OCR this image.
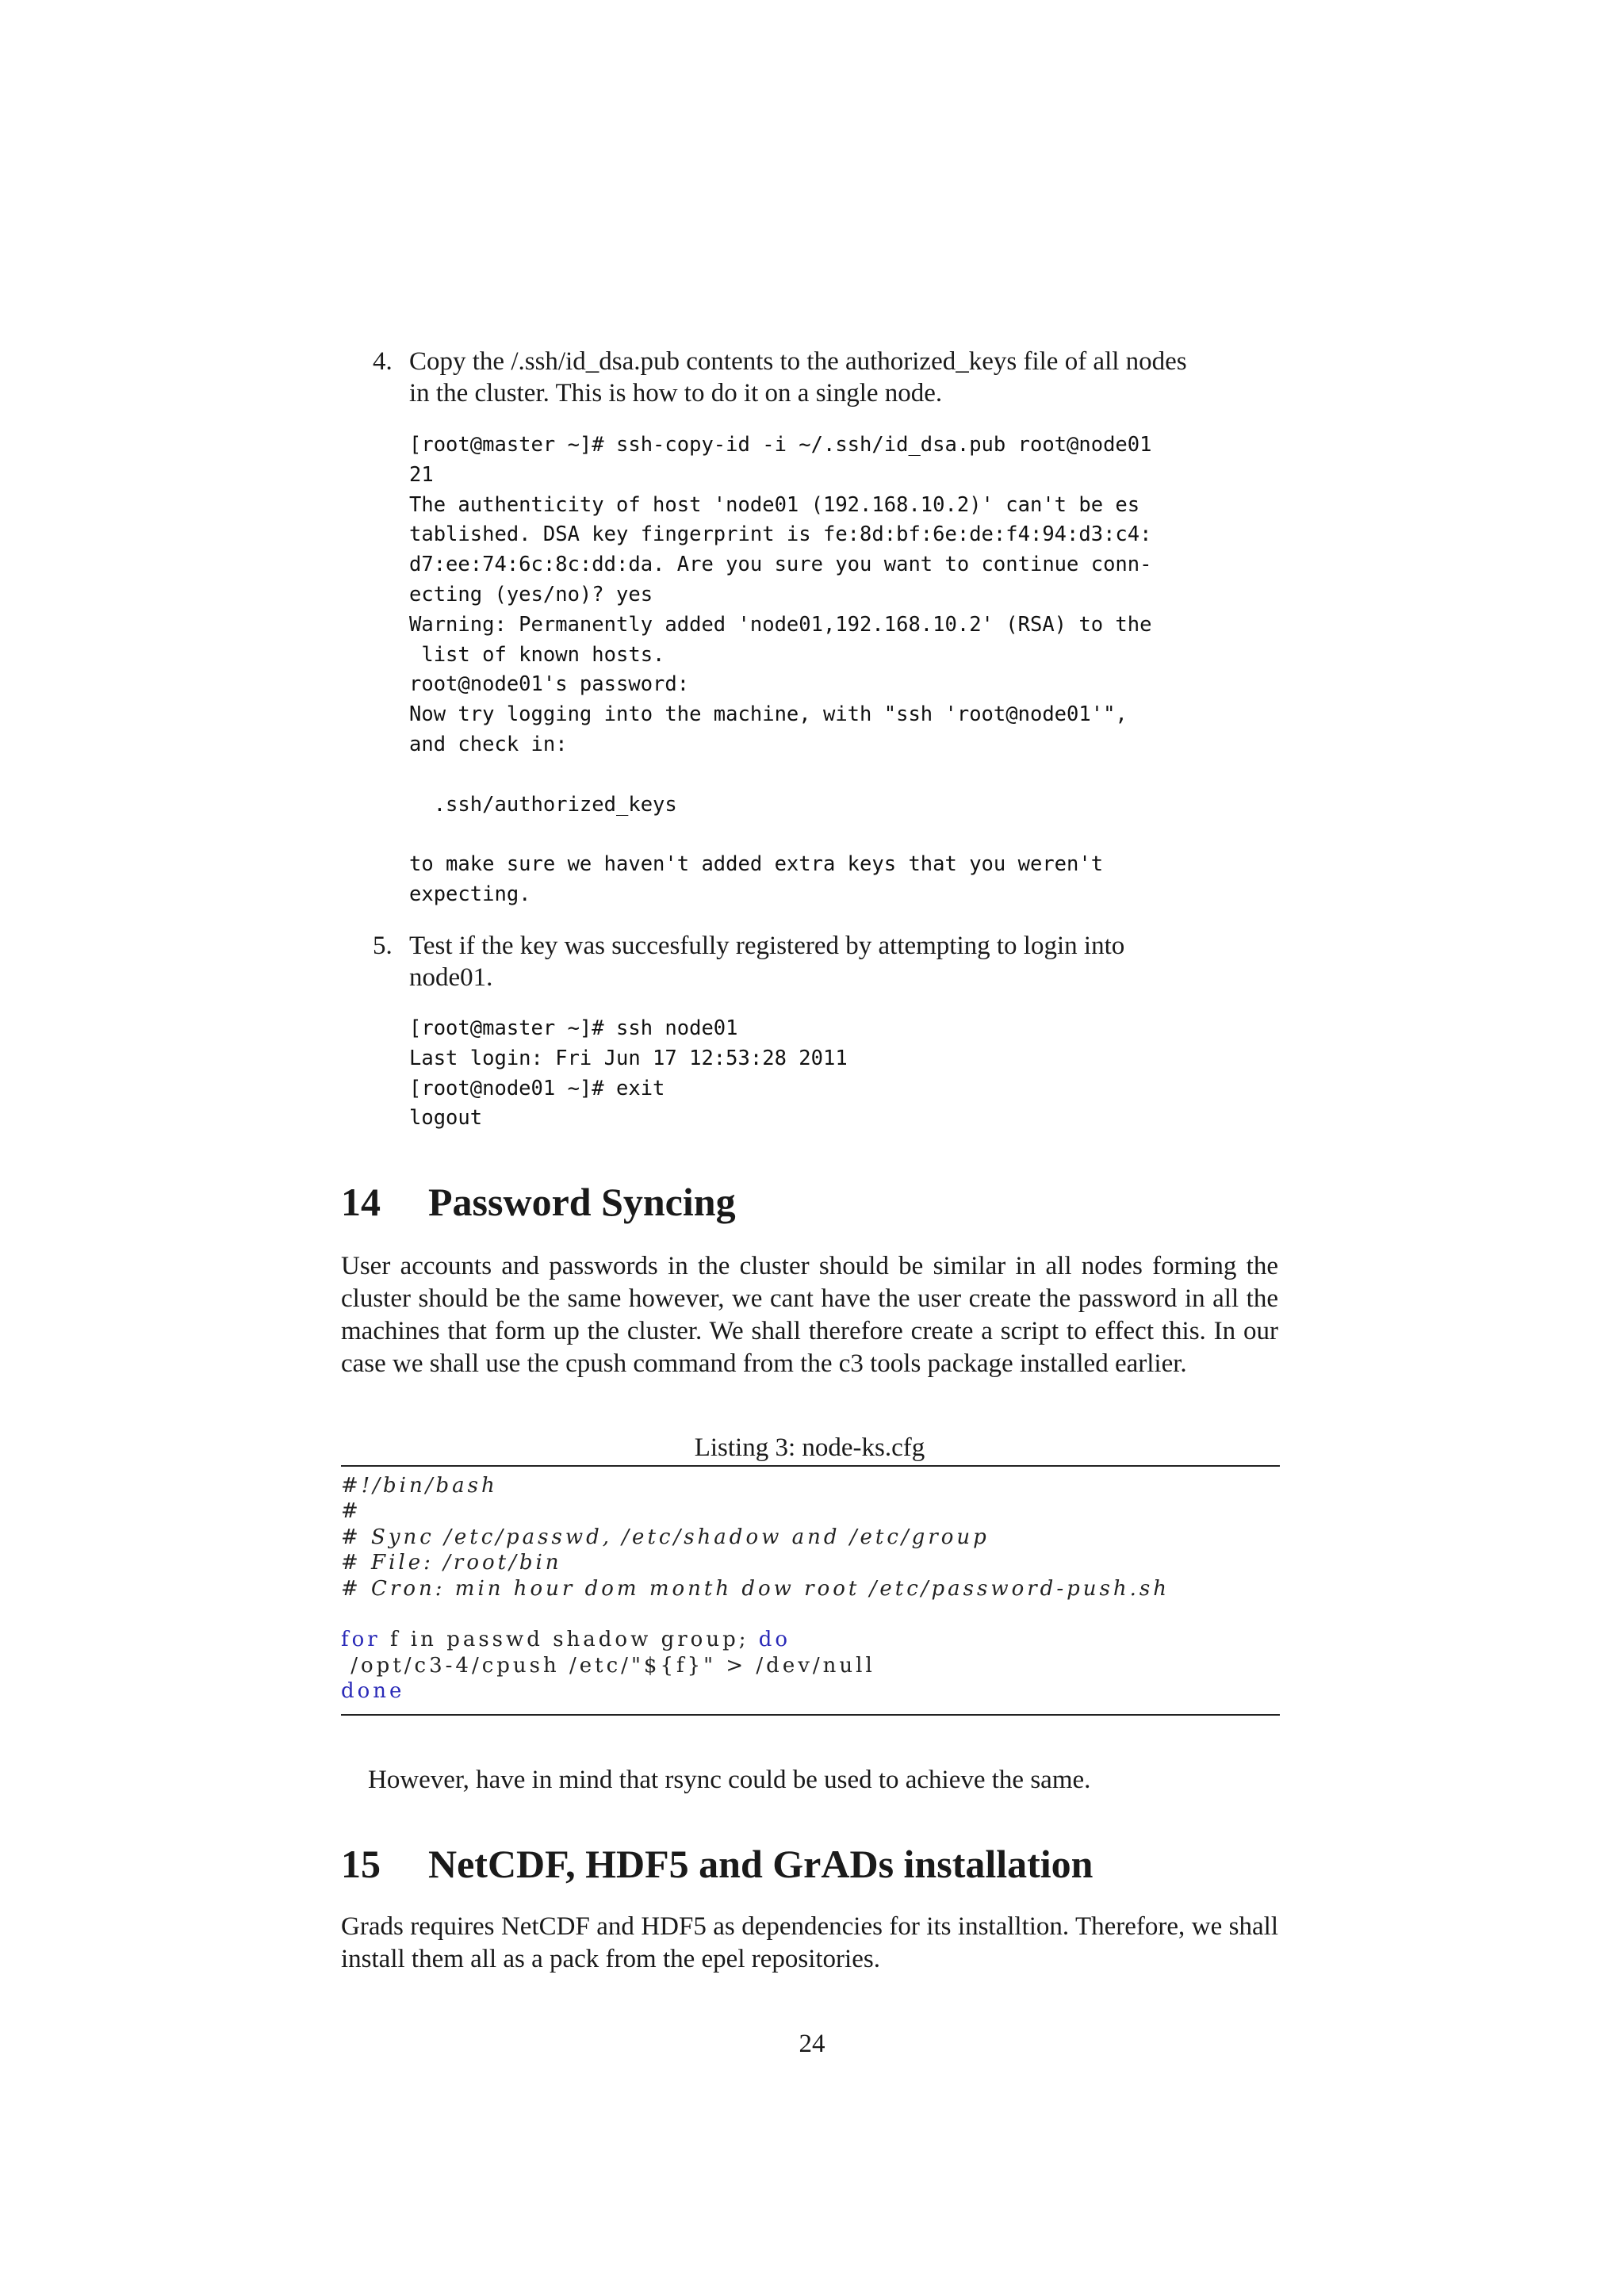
4. Copy the /.ssh/id_dsa.pub contents to the authorized_keys file of all nodes
in the cluster. This is how to do it on a single node.
[root@master ~]# ssh-copy-id -i ~/.ssh/id_dsa.pub root@node01
21
The authenticity of host 'node01 (192.168.10.2)' can't be es
tablished. DSA key fingerprint is fe:8d:bf:6e:de:f4:94:d3:c4:
d7:ee:74:6c:8c:dd:da. Are you sure you want to continue conn-
ecting (yes/no)? yes
Warning: Permanently added 'node01,192.168.10.2' (RSA) to the
list of known hosts.
root@node01's password:
Now try logging into the machine, with "ssh 'root@node01'",
and check in:

.ssh/authorized_keys

to make sure we haven't added extra keys that you weren't
expecting.
5. Test if the key was succesfully registered by attempting to login into
node01.
[root@master ~]# ssh node01
Last login: Fri Jun 17 12:53:28 2011
[root@node01 ~]# exit
logout
14 Password Syncing

User accounts and passwords in the cluster should be similar in all nodes forming the cluster should be the same however, we cant have the user create the password in all the machines that form up the cluster. We shall therefore create a script to effect this. In our case we shall use the cpush command from the c3 tools package installed earlier.

Listing 3: node-ks.cfg

#!/bin/bash
#
# Sync /etc/passwd, /etc/shadow and /etc/group
# File: /root/bin
# Cron: min hour dom month dow root /etc/password-push.sh
for f in passwd shadow group; do
/opt/c3-4/cpush /etc/"${f}" > /dev/null
done

However, have in mind that rsync could be used to achieve the same.

15 NetCDF, HDF5 and GrADs installation

Grads requires NetCDF and HDF5 as dependencies for its installtion. Therefore, we shall install them all as a pack from the epel repositories.

24
